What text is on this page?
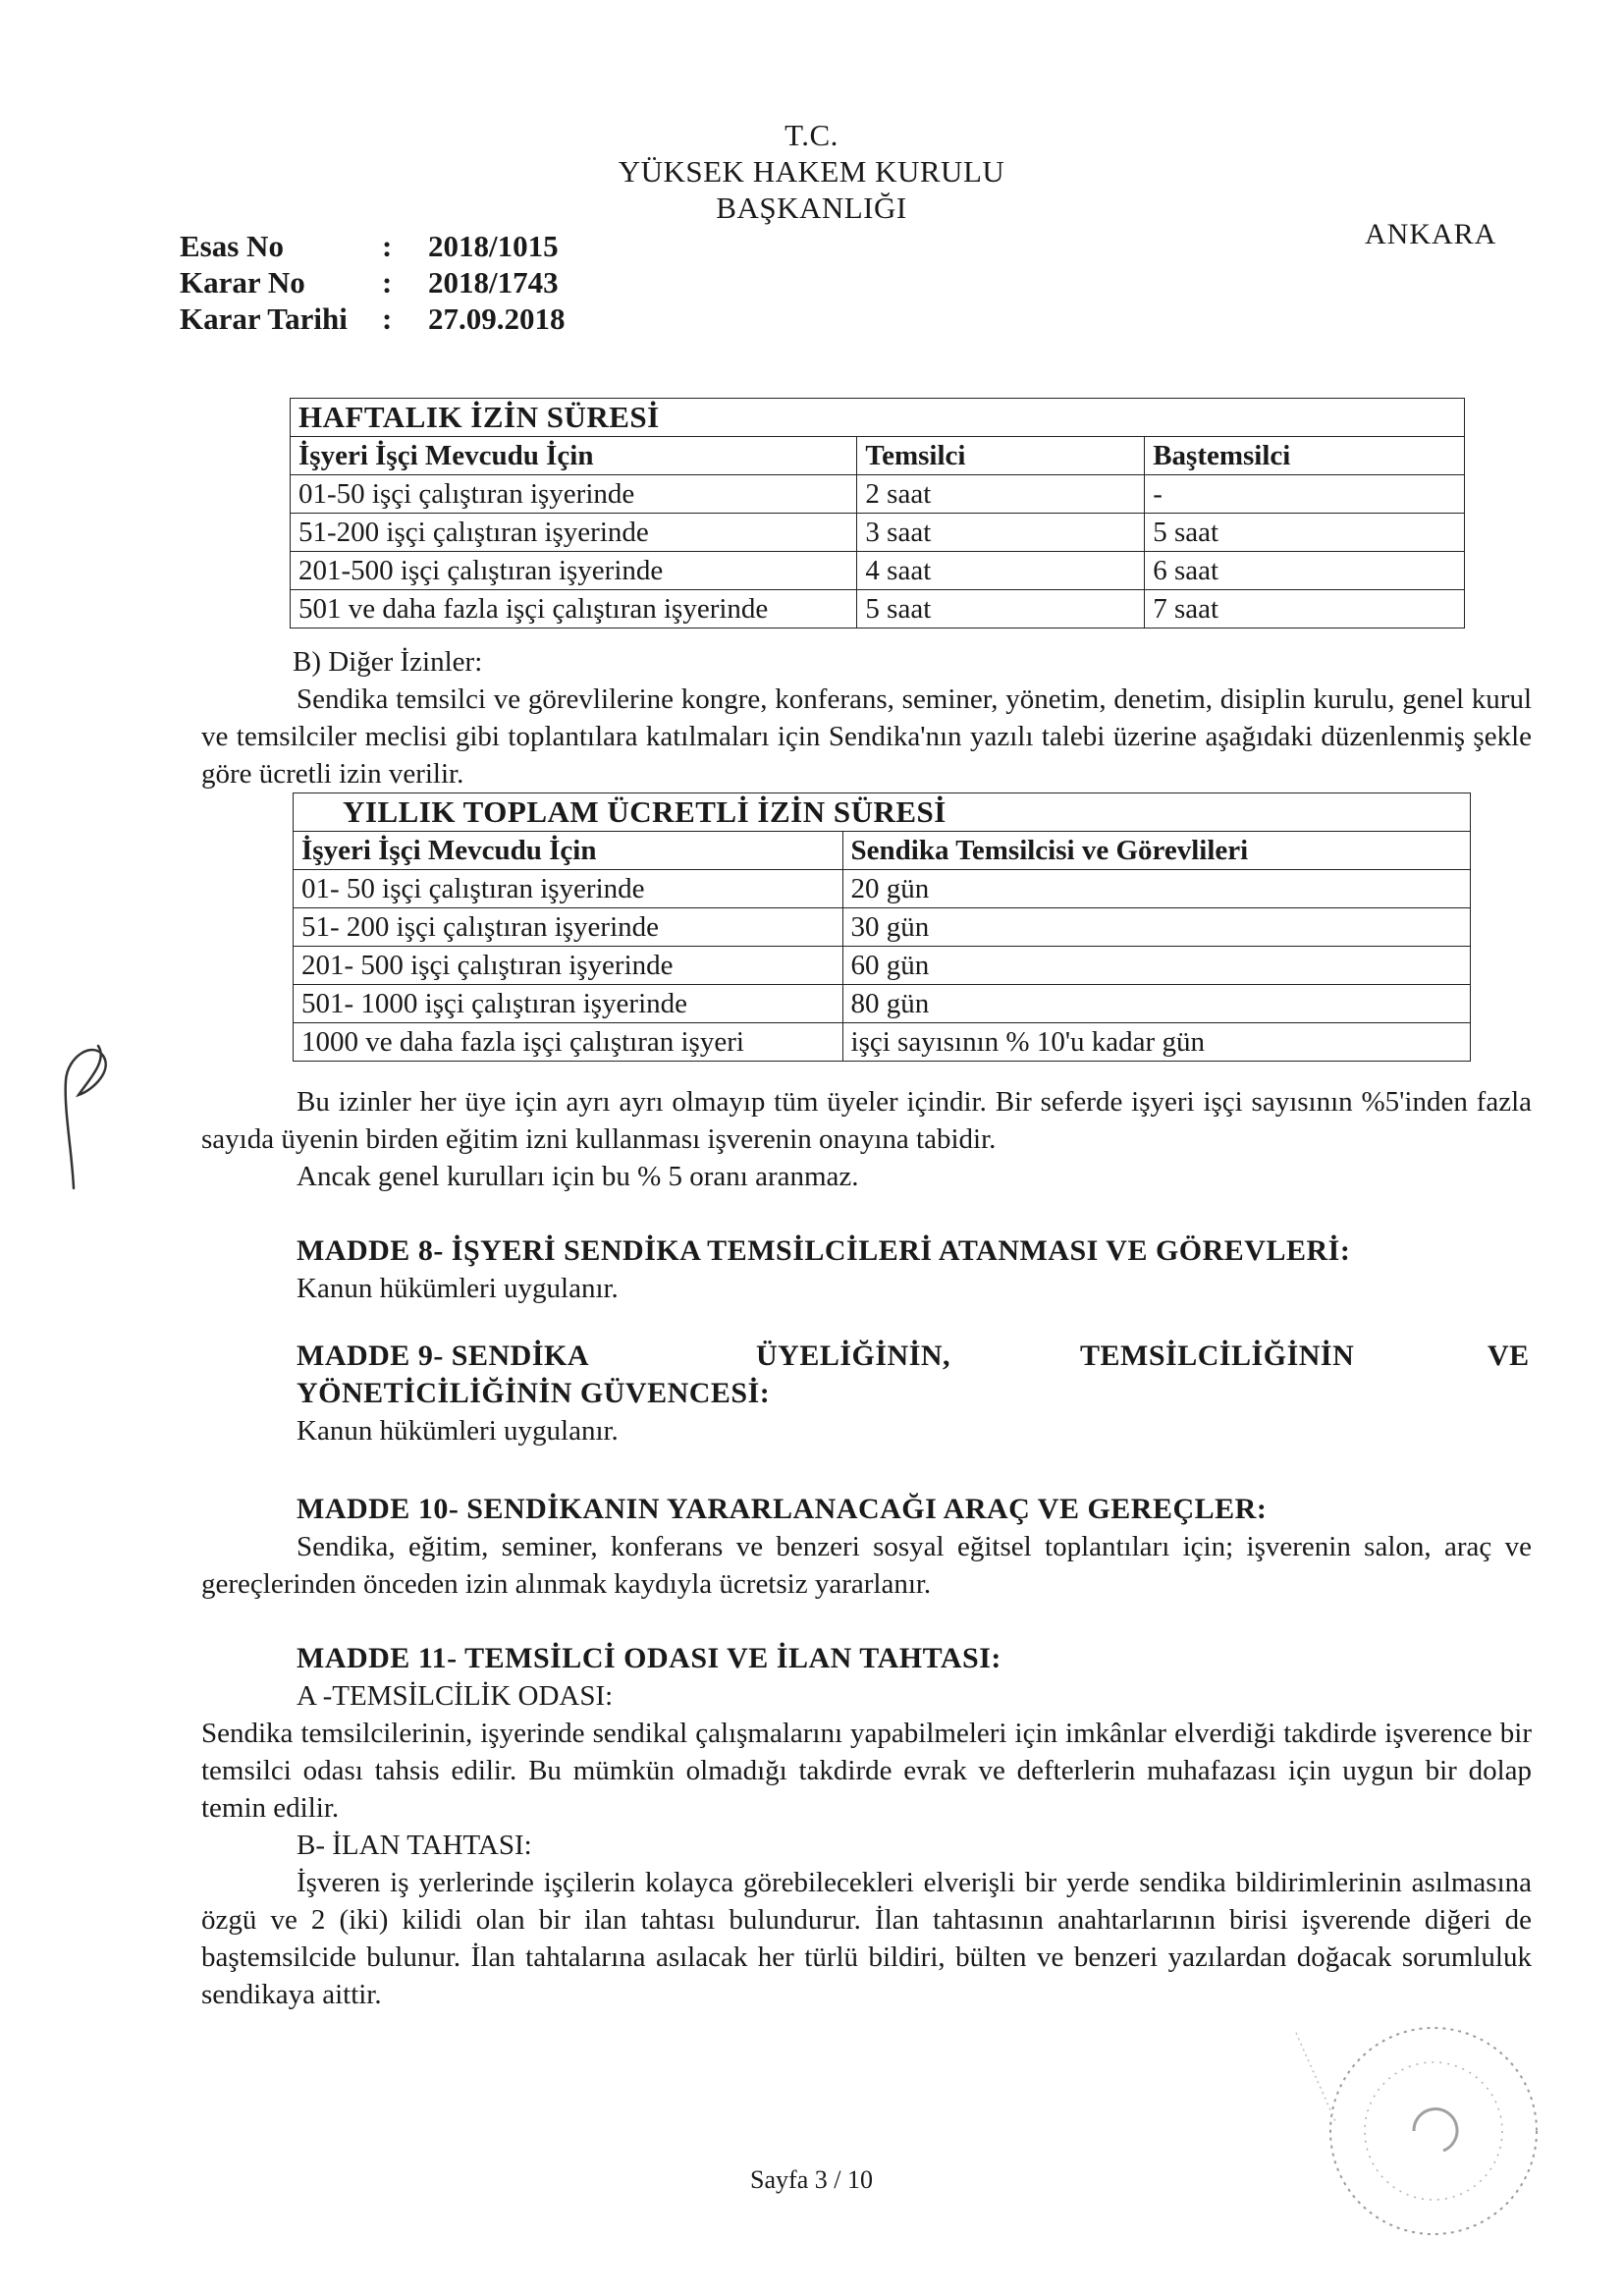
T.C.
YÜKSEK HAKEM KURULU
BAŞKANLIĞI
ANKARA
Esas No	:	2018/1015
Karar No	:	2018/1743
Karar Tarihi	:	27.09.2018
HAFTALIK İZİN SÜRESİ		
İşyeri İşçi Mevcudu İçin	Temsilci	Baştemsilci
01-50 işçi çalıştıran işyerinde	2 saat	-
51-200 işçi çalıştıran işyerinde	3 saat	5 saat
201-500 işçi çalıştıran işyerinde	4 saat	6 saat
501 ve daha fazla işçi çalıştıran işyerinde	5 saat	7 saat
B) Diğer İzinler:
Sendika temsilci ve görevlilerine kongre, konferans, seminer, yönetim, denetim, disiplin kurulu, genel kurul ve temsilciler meclisi gibi toplantılara katılmaları için Sendika'nın yazılı talebi üzerine aşağıdaki düzenlenmiş şekle göre ücretli izin verilir.
YILLIK TOPLAM ÜCRETLİ İZİN SÜRESİ	
İşyeri İşçi Mevcudu İçin	Sendika Temsilcisi ve Görevlileri
01- 50 işçi çalıştıran işyerinde	20 gün
51- 200 işçi çalıştıran işyerinde	30 gün
201- 500 işçi çalıştıran işyerinde	60 gün
501- 1000 işçi çalıştıran işyerinde	80 gün
1000 ve daha fazla işçi çalıştıran işyeri	işçi sayısının % 10'u kadar gün
Bu izinler her üye için ayrı ayrı olmayıp tüm üyeler içindir. Bir seferde işyeri işçi sayısının %5'inden fazla sayıda üyenin birden eğitim izni kullanması işverenin onayına tabidir.
Ancak genel kurulları için bu % 5 oranı aranmaz.
MADDE 8- İŞYERİ SENDİKA TEMSİLCİLERİ ATANMASI VE GÖREVLERİ:
Kanun hükümleri uygulanır.
MADDE 9- SENDİKA	ÜYELİĞİNİN,	TEMSİLCİLİĞİNİN	VE
YÖNETİCİLİĞİNİN GÜVENCESİ:
Kanun hükümleri uygulanır.
MADDE 10- SENDİKANIN YARARLANACAĞI ARAÇ VE GEREÇLER:
Sendika, eğitim, seminer, konferans ve benzeri sosyal eğitsel toplantıları için; işverenin salon, araç ve gereçlerinden önceden izin alınmak kaydıyla ücretsiz yararlanır.
MADDE 11- TEMSİLCİ ODASI VE İLAN TAHTASI:
A -TEMSİLCİLİK ODASI:
Sendika temsilcilerinin, işyerinde sendikal çalışmalarını yapabilmeleri için imkânlar elverdiği takdirde işverence bir temsilci odası tahsis edilir. Bu mümkün olmadığı takdirde evrak ve defterlerin muhafazası için uygun bir dolap temin edilir.
B- İLAN TAHTASI:
İşveren iş yerlerinde işçilerin kolayca görebilecekleri elverişli bir yerde sendika bildirimlerinin asılmasına özgü ve 2 (iki) kilidi olan bir ilan tahtası bulundurur. İlan tahtasının anahtarlarının birisi işverende diğeri de baştemsilcide bulunur. İlan tahtalarına asılacak her türlü bildiri, bülten ve benzeri yazılardan doğacak sorumluluk sendikaya aittir.
Sayfa 3 / 10
